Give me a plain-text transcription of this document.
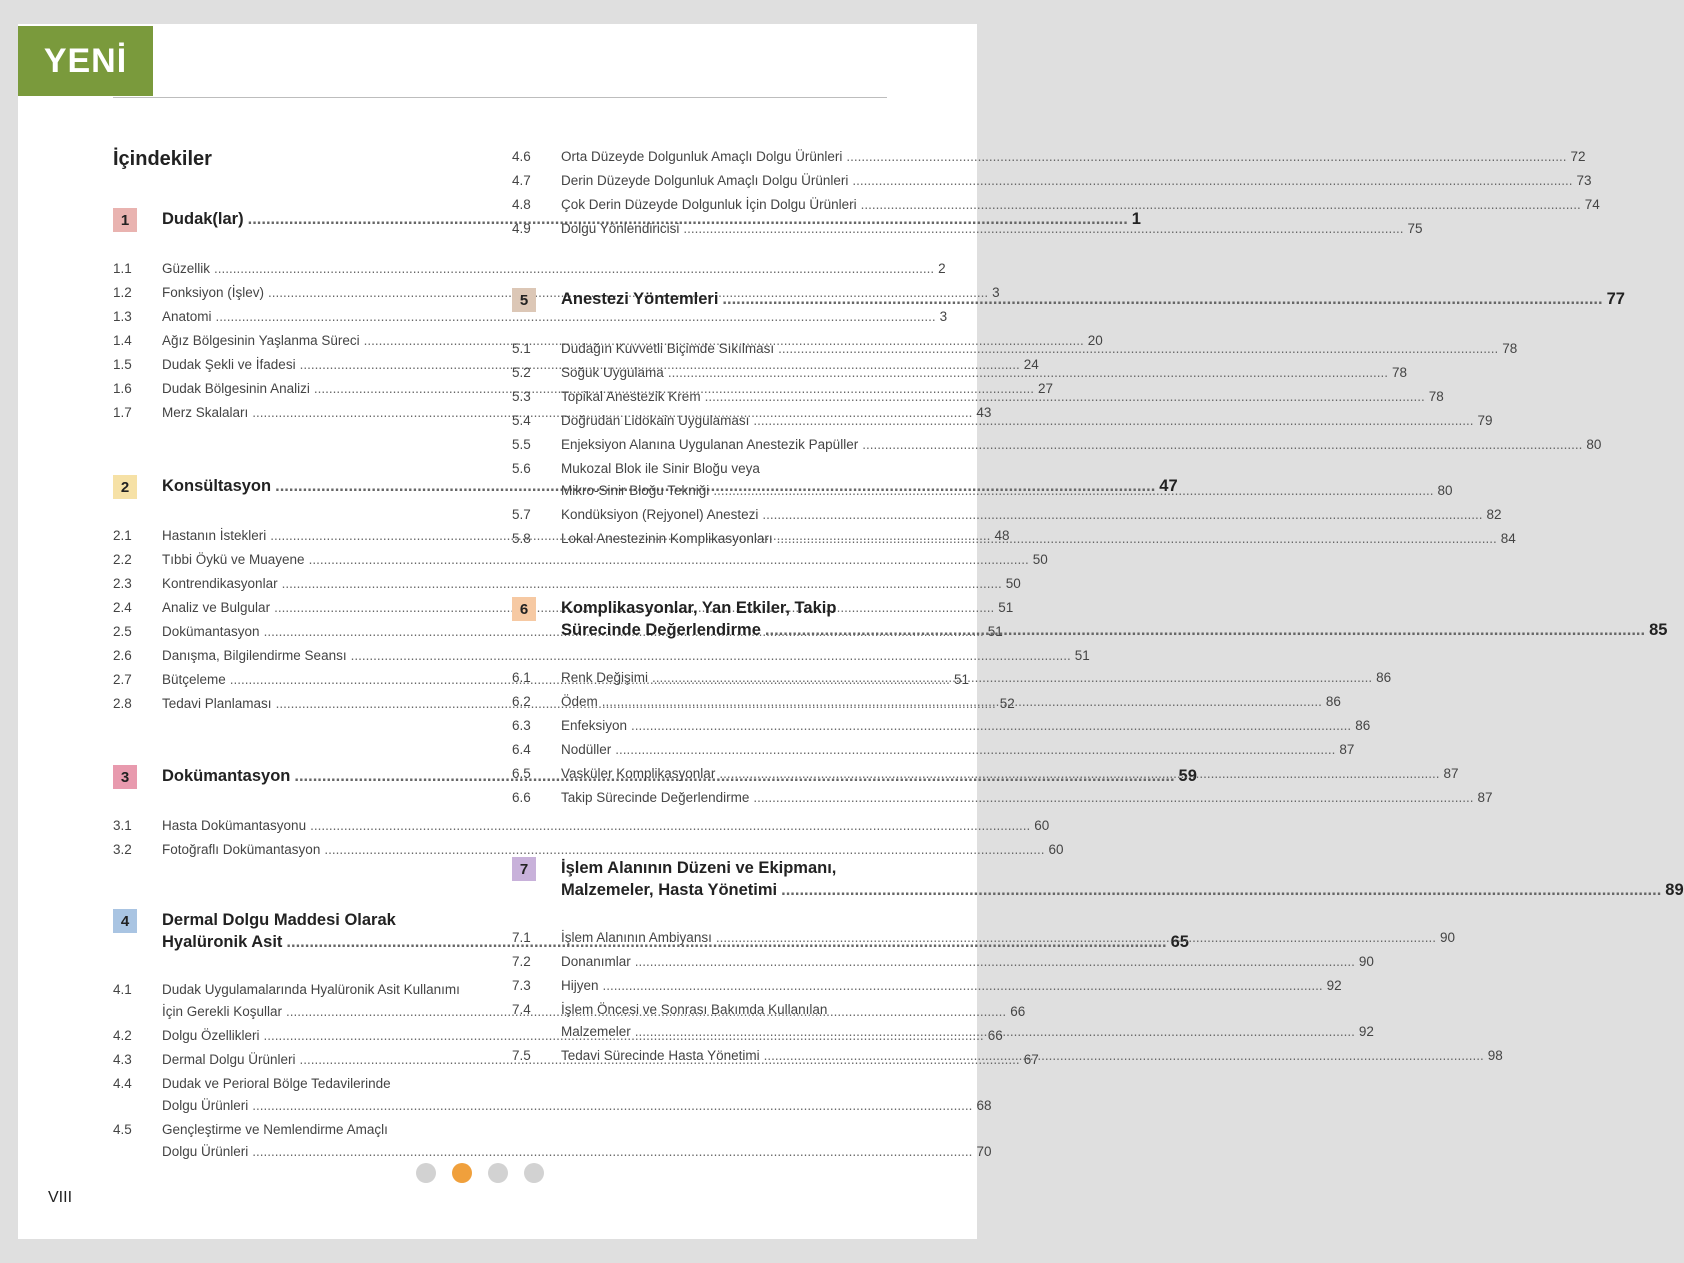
YENİ
İçindekiler
1	Dudak(lar) .....	1
1.1	Güzellik .....	2
1.2	Fonksiyon (İşlev) .....	3
1.3	Anatomi .....	3
1.4	Ağız Bölgesinin Yaşlanma Süreci .....	20
1.5	Dudak Şekli ve İfadesi .....	24
1.6	Dudak Bölgesinin Analizi .....	27
1.7	Merz Skalaları .....	43
2	Konsültasyon .....	47
2.1	Hastanın İstekleri .....	48
2.2	Tıbbi Öykü ve Muayene .....	50
2.3	Kontrendikasyonlar .....	50
2.4	Analiz ve Bulgular .....	51
2.5	Dokümantasyon .....	51
2.6	Danışma, Bilgilendirme Seansı .....	51
2.7	Bütçeleme .....	51
2.8	Tedavi Planlaması .....	52
3	Dokümantasyon .....	59
3.1	Hasta Dokümantasyonu .....	60
3.2	Fotoğraflı Dokümantasyon .....	60
4	Dermal Dolgu Maddesi Olarak
Hyalüronik Asit .....	65
4.1	Dudak Uygulamalarında Hyalüronik Asit Kullanımı
İçin Gerekli Koşullar .....	66
4.2	Dolgu Özellikleri .....	66
4.3	Dermal Dolgu Ürünleri .....	67
4.4	Dudak ve Perioral Bölge Tedavilerinde
Dolgu Ürünleri .....	68
4.5	Gençleştirme ve Nemlendirme Amaçlı
Dolgu Ürünleri .....	70
4.6	Orta Düzeyde Dolgunluk Amaçlı Dolgu Ürünleri .....	72
4.7	Derin Düzeyde Dolgunluk Amaçlı Dolgu Ürünleri .....	73
4.8	Çok Derin Düzeyde Dolgunluk İçin Dolgu Ürünleri .....	74
4.9	Dolgu Yönlendiricisi .....	75
5	Anestezi Yöntemleri .....	77
5.1	Dudağın Kuvvetli Biçimde Sıkılması .....	78
5.2	Soğuk Uygulama .....	78
5.3	Topikal Anestezik Krem .....	78
5.4	Doğrudan Lidokain Uygulaması .....	79
5.5	Enjeksiyon Alanına Uygulanan Anestezik Papüller .....	80
5.6	Mukozal Blok ile Sinir Bloğu veya
Mikro-Sinir Bloğu Tekniği .....	80
5.7	Kondüksiyon (Rejyonel) Anestezi .....	82
5.8	Lokal Anestezinin Komplikasyonları .....	84
6	Komplikasyonlar, Yan Etkiler, Takip
Sürecinde Değerlendirme .....	85
6.1	Renk Değişimi .....	86
6.2	Ödem .....	86
6.3	Enfeksiyon .....	86
6.4	Nodüller .....	87
6.5	Vasküler Komplikasyonlar .....	87
6.6	Takip Sürecinde Değerlendirme .....	87
7	İşlem Alanının Düzeni ve Ekipmanı,
Malzemeler, Hasta Yönetimi .....	89
7.1	İşlem Alanının Ambiyansı .....	90
7.2	Donanımlar .....	90
7.3	Hijyen .....	92
7.4	İşlem Öncesi ve Sonrası Bakımda Kullanılan
Malzemeler .....	92
7.5	Tedavi Sürecinde Hasta Yönetimi .....	98
VIII
